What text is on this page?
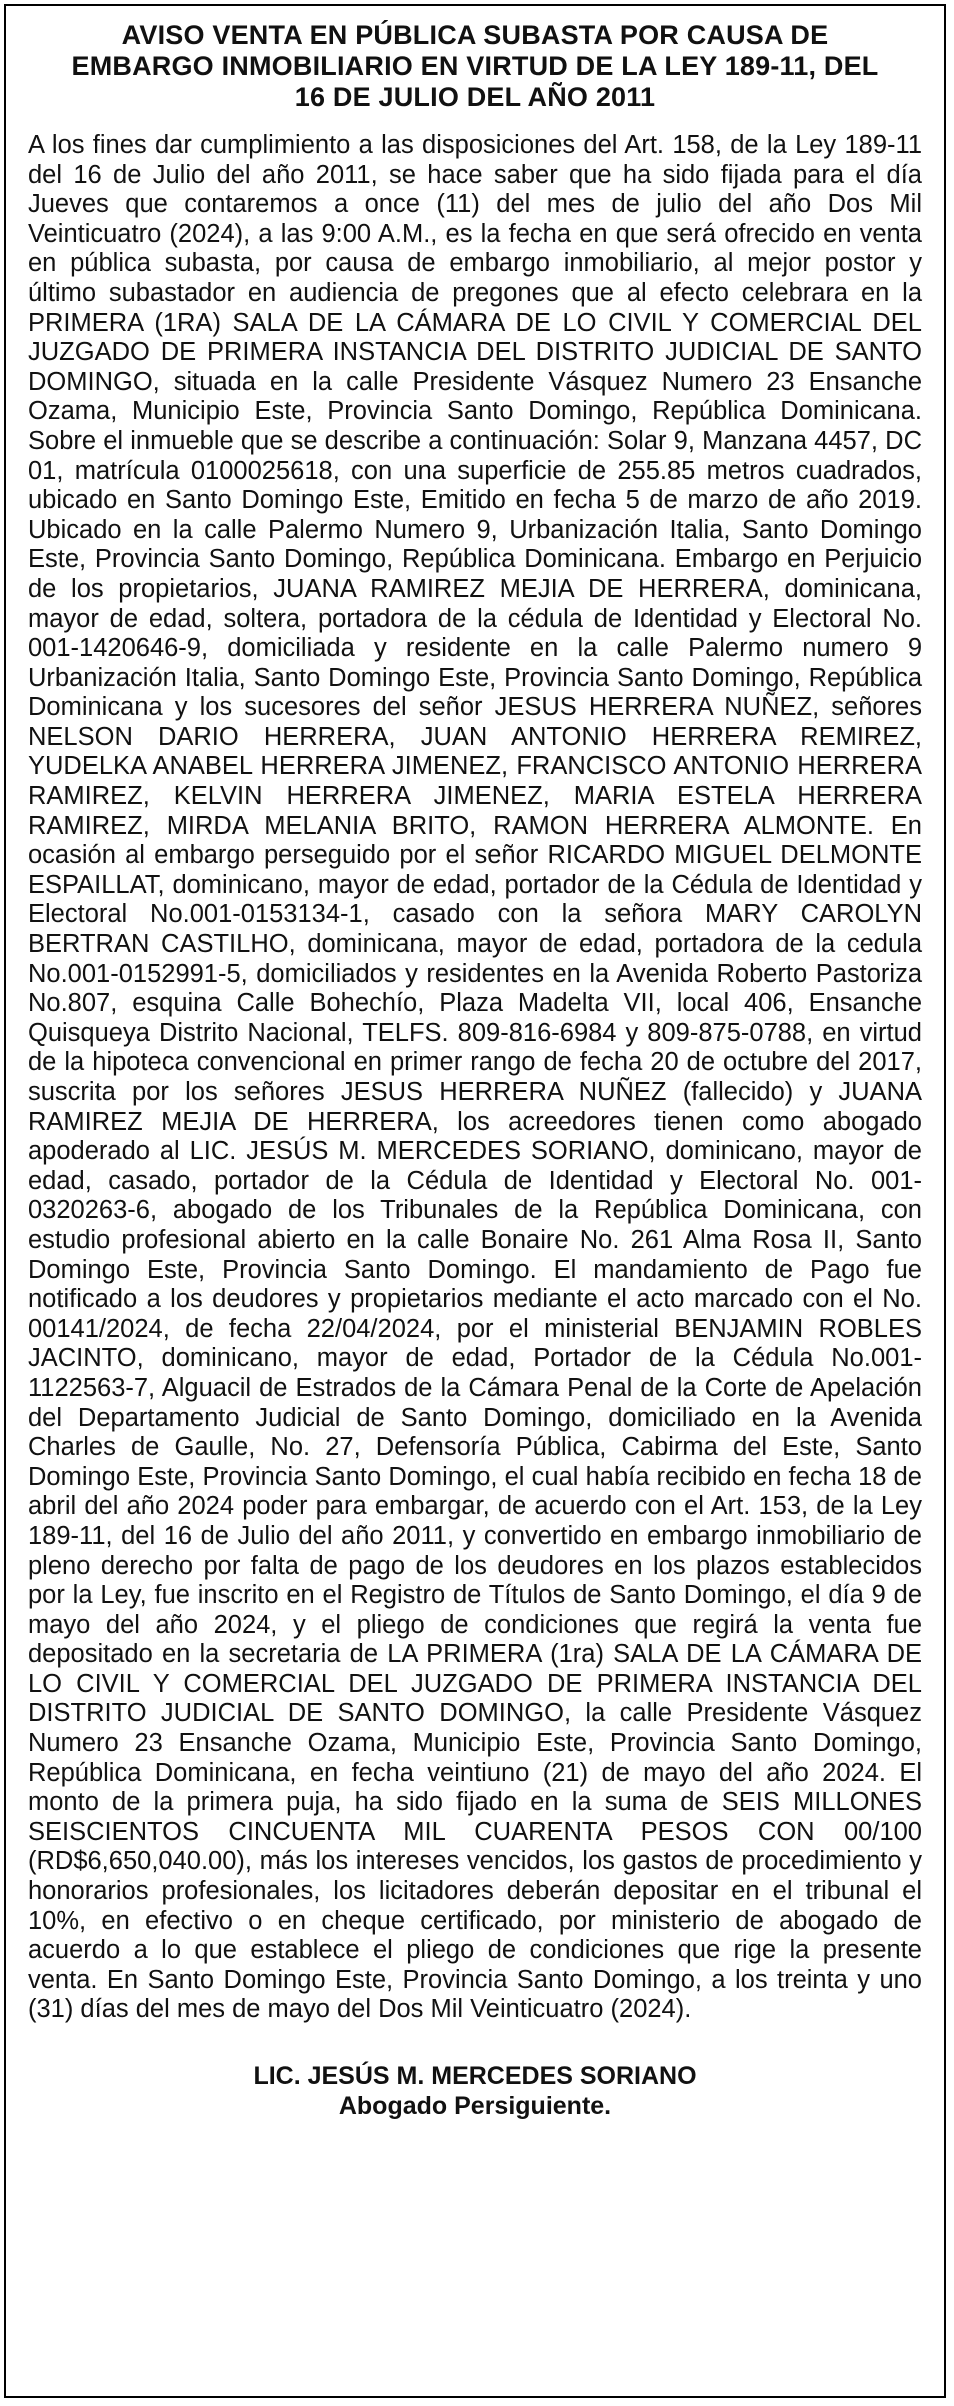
AVISO VENTA EN PÚBLICA SUBASTA POR CAUSA DE EMBARGO INMOBILIARIO EN VIRTUD DE LA LEY 189-11, DEL 16 DE JULIO DEL AÑO 2011

A los fines dar cumplimiento a las disposiciones del Art. 158, de la Ley 189-11 del 16 de Julio del año 2011, se hace saber que ha sido fijada para el día Jueves que contaremos a once (11) del mes de julio del año Dos Mil Veinticuatro (2024), a las 9:00 A.M., es la fecha en que será ofrecido en venta en pública subasta, por causa de embargo inmobiliario, al mejor postor y último subastador en audiencia de pregones que al efecto celebrara en la PRIMERA (1RA) SALA DE LA CÁMARA DE LO CIVIL Y COMERCIAL DEL JUZGADO DE PRIMERA INSTANCIA DEL DISTRITO JUDICIAL DE SANTO DOMINGO, situada en la calle Presidente Vásquez Numero 23 Ensanche Ozama, Municipio Este, Provincia Santo Domingo, República Dominicana. Sobre el inmueble que se describe a continuación: Solar 9, Manzana 4457, DC 01, matrícula 0100025618, con una superficie de 255.85 metros cuadrados, ubicado en Santo Domingo Este, Emitido en fecha 5 de marzo de año 2019. Ubicado en la calle Palermo Numero 9, Urbanización Italia, Santo Domingo Este, Provincia Santo Domingo, República Dominicana. Embargo en Perjuicio de los propietarios, JUANA RAMIREZ MEJIA DE HERRERA, dominicana, mayor de edad, soltera, portadora de la cédula de Identidad y Electoral No. 001-1420646-9, domiciliada y residente en la calle Palermo numero 9 Urbanización Italia, Santo Domingo Este, Provincia Santo Domingo, República Dominicana y los sucesores del señor JESUS HERRERA NUÑEZ, señores NELSON DARIO HERRERA, JUAN ANTONIO HERRERA REMIREZ, YUDELKA ANABEL HERRERA JIMENEZ, FRANCISCO ANTONIO HERRERA RAMIREZ, KELVIN HERRERA JIMENEZ, MARIA ESTELA HERRERA RAMIREZ, MIRDA MELANIA BRITO, RAMON HERRERA ALMONTE. En ocasión al embargo perseguido por el señor RICARDO MIGUEL DELMONTE ESPAILLAT, dominicano, mayor de edad, portador de la Cédula de Identidad y Electoral No.001-0153134-1, casado con la señora MARY CAROLYN BERTRAN CASTILHO, dominicana, mayor de edad, portadora de la cedula No.001-0152991-5, domiciliados y residentes en la Avenida Roberto Pastoriza No.807, esquina Calle Bohechío, Plaza Madelta VII, local 406, Ensanche Quisqueya Distrito Nacional, TELFS. 809-816-6984 y 809-875-0788, en virtud de la hipoteca convencional en primer rango de fecha 20 de octubre del 2017, suscrita por los señores JESUS HERRERA NUÑEZ (fallecido) y JUANA RAMIREZ MEJIA DE HERRERA, los acreedores tienen como abogado apoderado al LIC. JESÚS M. MERCEDES SORIANO, dominicano, mayor de edad, casado, portador de la Cédula de Identidad y Electoral No. 001-0320263-6, abogado de los Tribunales de la República Dominicana, con estudio profesional abierto en la calle Bonaire No. 261 Alma Rosa II, Santo Domingo Este, Provincia Santo Domingo. El mandamiento de Pago fue notificado a los deudores y propietarios mediante el acto marcado con el No. 00141/2024, de fecha 22/04/2024, por el ministerial BENJAMIN ROBLES JACINTO, dominicano, mayor de edad, Portador de la Cédula No.001-1122563-7, Alguacil de Estrados de la Cámara Penal de la Corte de Apelación del Departamento Judicial de Santo Domingo, domiciliado en la Avenida Charles de Gaulle, No. 27, Defensoría Pública, Cabirma del Este, Santo Domingo Este, Provincia Santo Domingo, el cual había recibido en fecha 18 de abril del año 2024 poder para embargar, de acuerdo con el Art. 153, de la Ley 189-11, del 16 de Julio del año 2011, y convertido en embargo inmobiliario de pleno derecho por falta de pago de los deudores en los plazos establecidos por la Ley, fue inscrito en el Registro de Títulos de Santo Domingo, el día 9 de mayo del año 2024, y el pliego de condiciones que regirá la venta fue depositado en la secretaria de LA PRIMERA (1ra) SALA DE LA CÁMARA DE LO CIVIL Y COMERCIAL DEL JUZGADO DE PRIMERA INSTANCIA DEL DISTRITO JUDICIAL DE SANTO DOMINGO, la calle Presidente Vásquez Numero 23 Ensanche Ozama, Municipio Este, Provincia Santo Domingo, República Dominicana, en fecha veintiuno (21) de mayo del año 2024. El monto de la primera puja, ha sido fijado en la suma de SEIS MILLONES SEISCIENTOS CINCUENTA MIL CUARENTA PESOS CON 00/100 (RD$6,650,040.00), más los intereses vencidos, los gastos de procedimiento y honorarios profesionales, los licitadores deberán depositar en el tribunal el 10%, en efectivo o en cheque certificado, por ministerio de abogado de acuerdo a lo que establece el pliego de condiciones que rige la presente venta. En Santo Domingo Este, Provincia Santo Domingo, a los treinta y uno (31) días del mes de mayo del Dos Mil Veinticuatro (2024).

LIC. JESÚS M. MERCEDES SORIANO
Abogado Persiguiente.
